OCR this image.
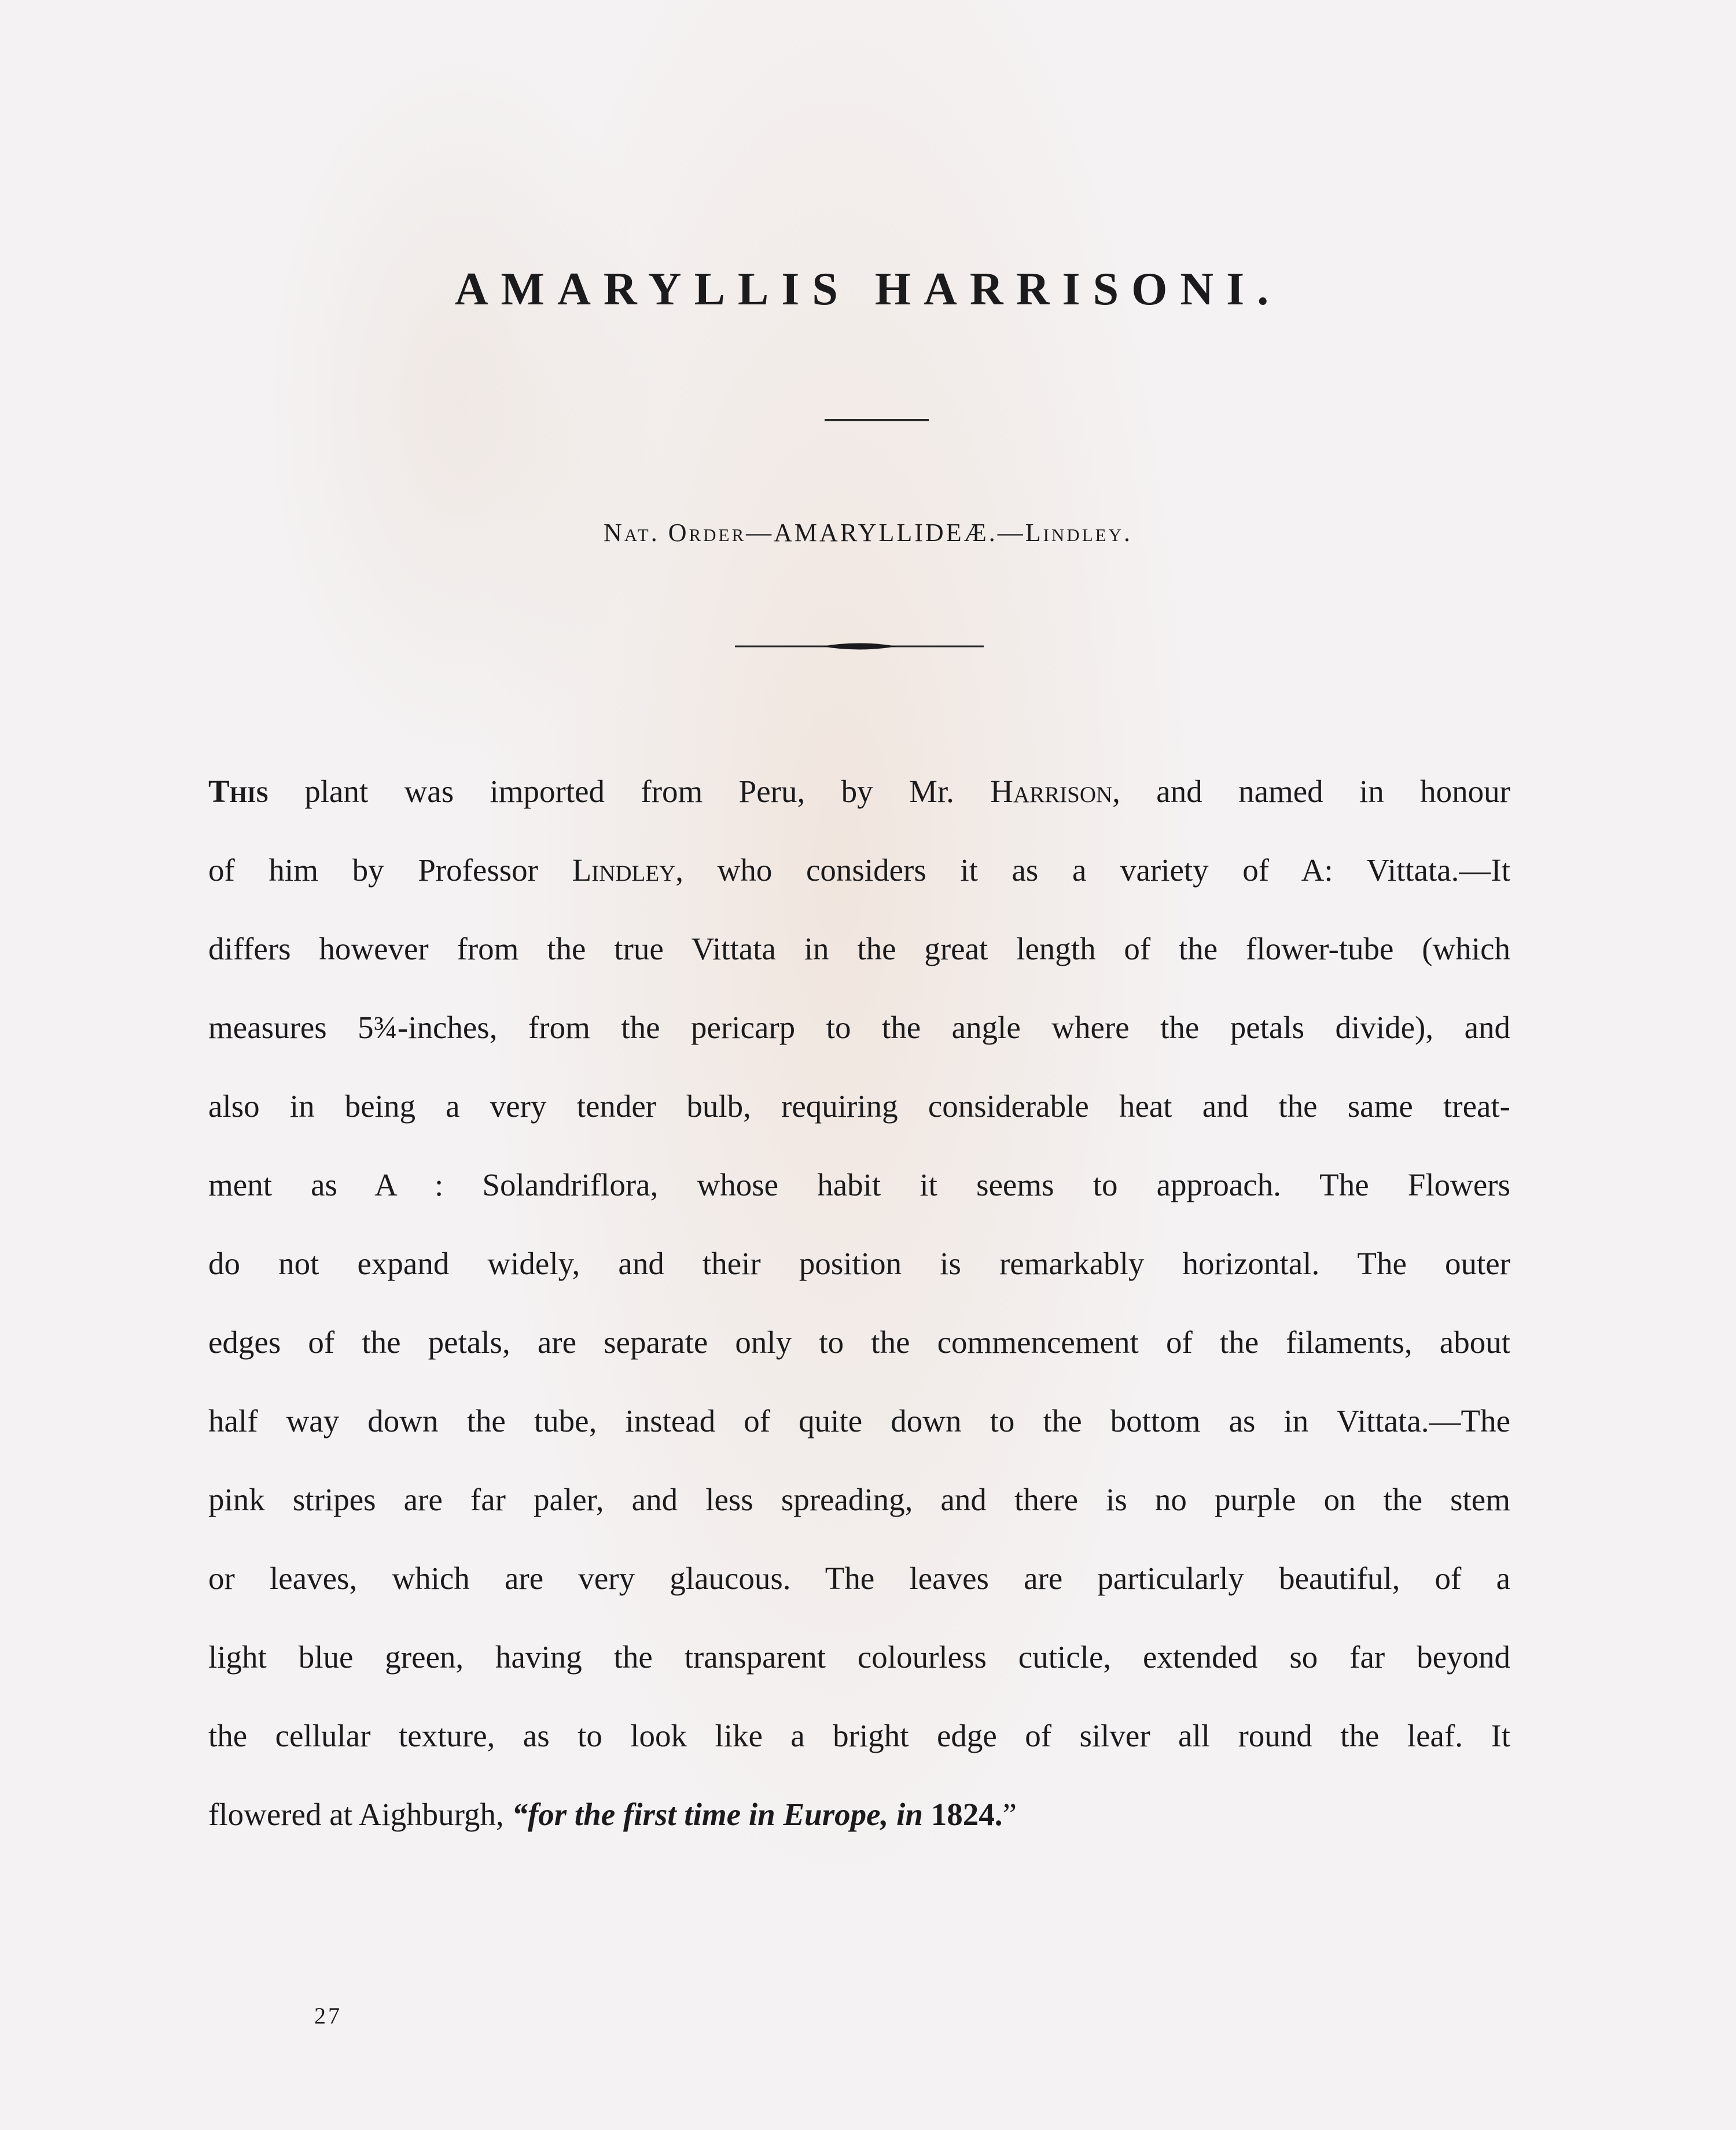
AMARYLLIS HARRISONI.
Nat. Order—AMARYLLIDEÆ.—Lindley.
This plant was imported from Peru, by Mr. Harrison, and named in honour
of him by Professor Lindley, who considers it as a variety of A: Vittata.—It
differs however from the true Vittata in the great length of the flower-tube (which
measures 5¾-inches, from the pericarp to the angle where the petals divide), and
also in being a very tender bulb, requiring considerable heat and the same treat-
ment as A : Solandriflora, whose habit it seems to approach. The Flowers
do not expand widely, and their position is remarkably horizontal. The outer
edges of the petals, are separate only to the commencement of the filaments, about
half way down the tube, instead of quite down to the bottom as in Vittata.—The
pink stripes are far paler, and less spreading, and there is no purple on the stem
or leaves, which are very glaucous. The leaves are particularly beautiful, of a
light blue green, having the transparent colourless cuticle, extended so far beyond
the cellular texture, as to look like a bright edge of silver all round the leaf. It
flowered at Aighburgh, “for the first time in Europe, in 1824.”
27
